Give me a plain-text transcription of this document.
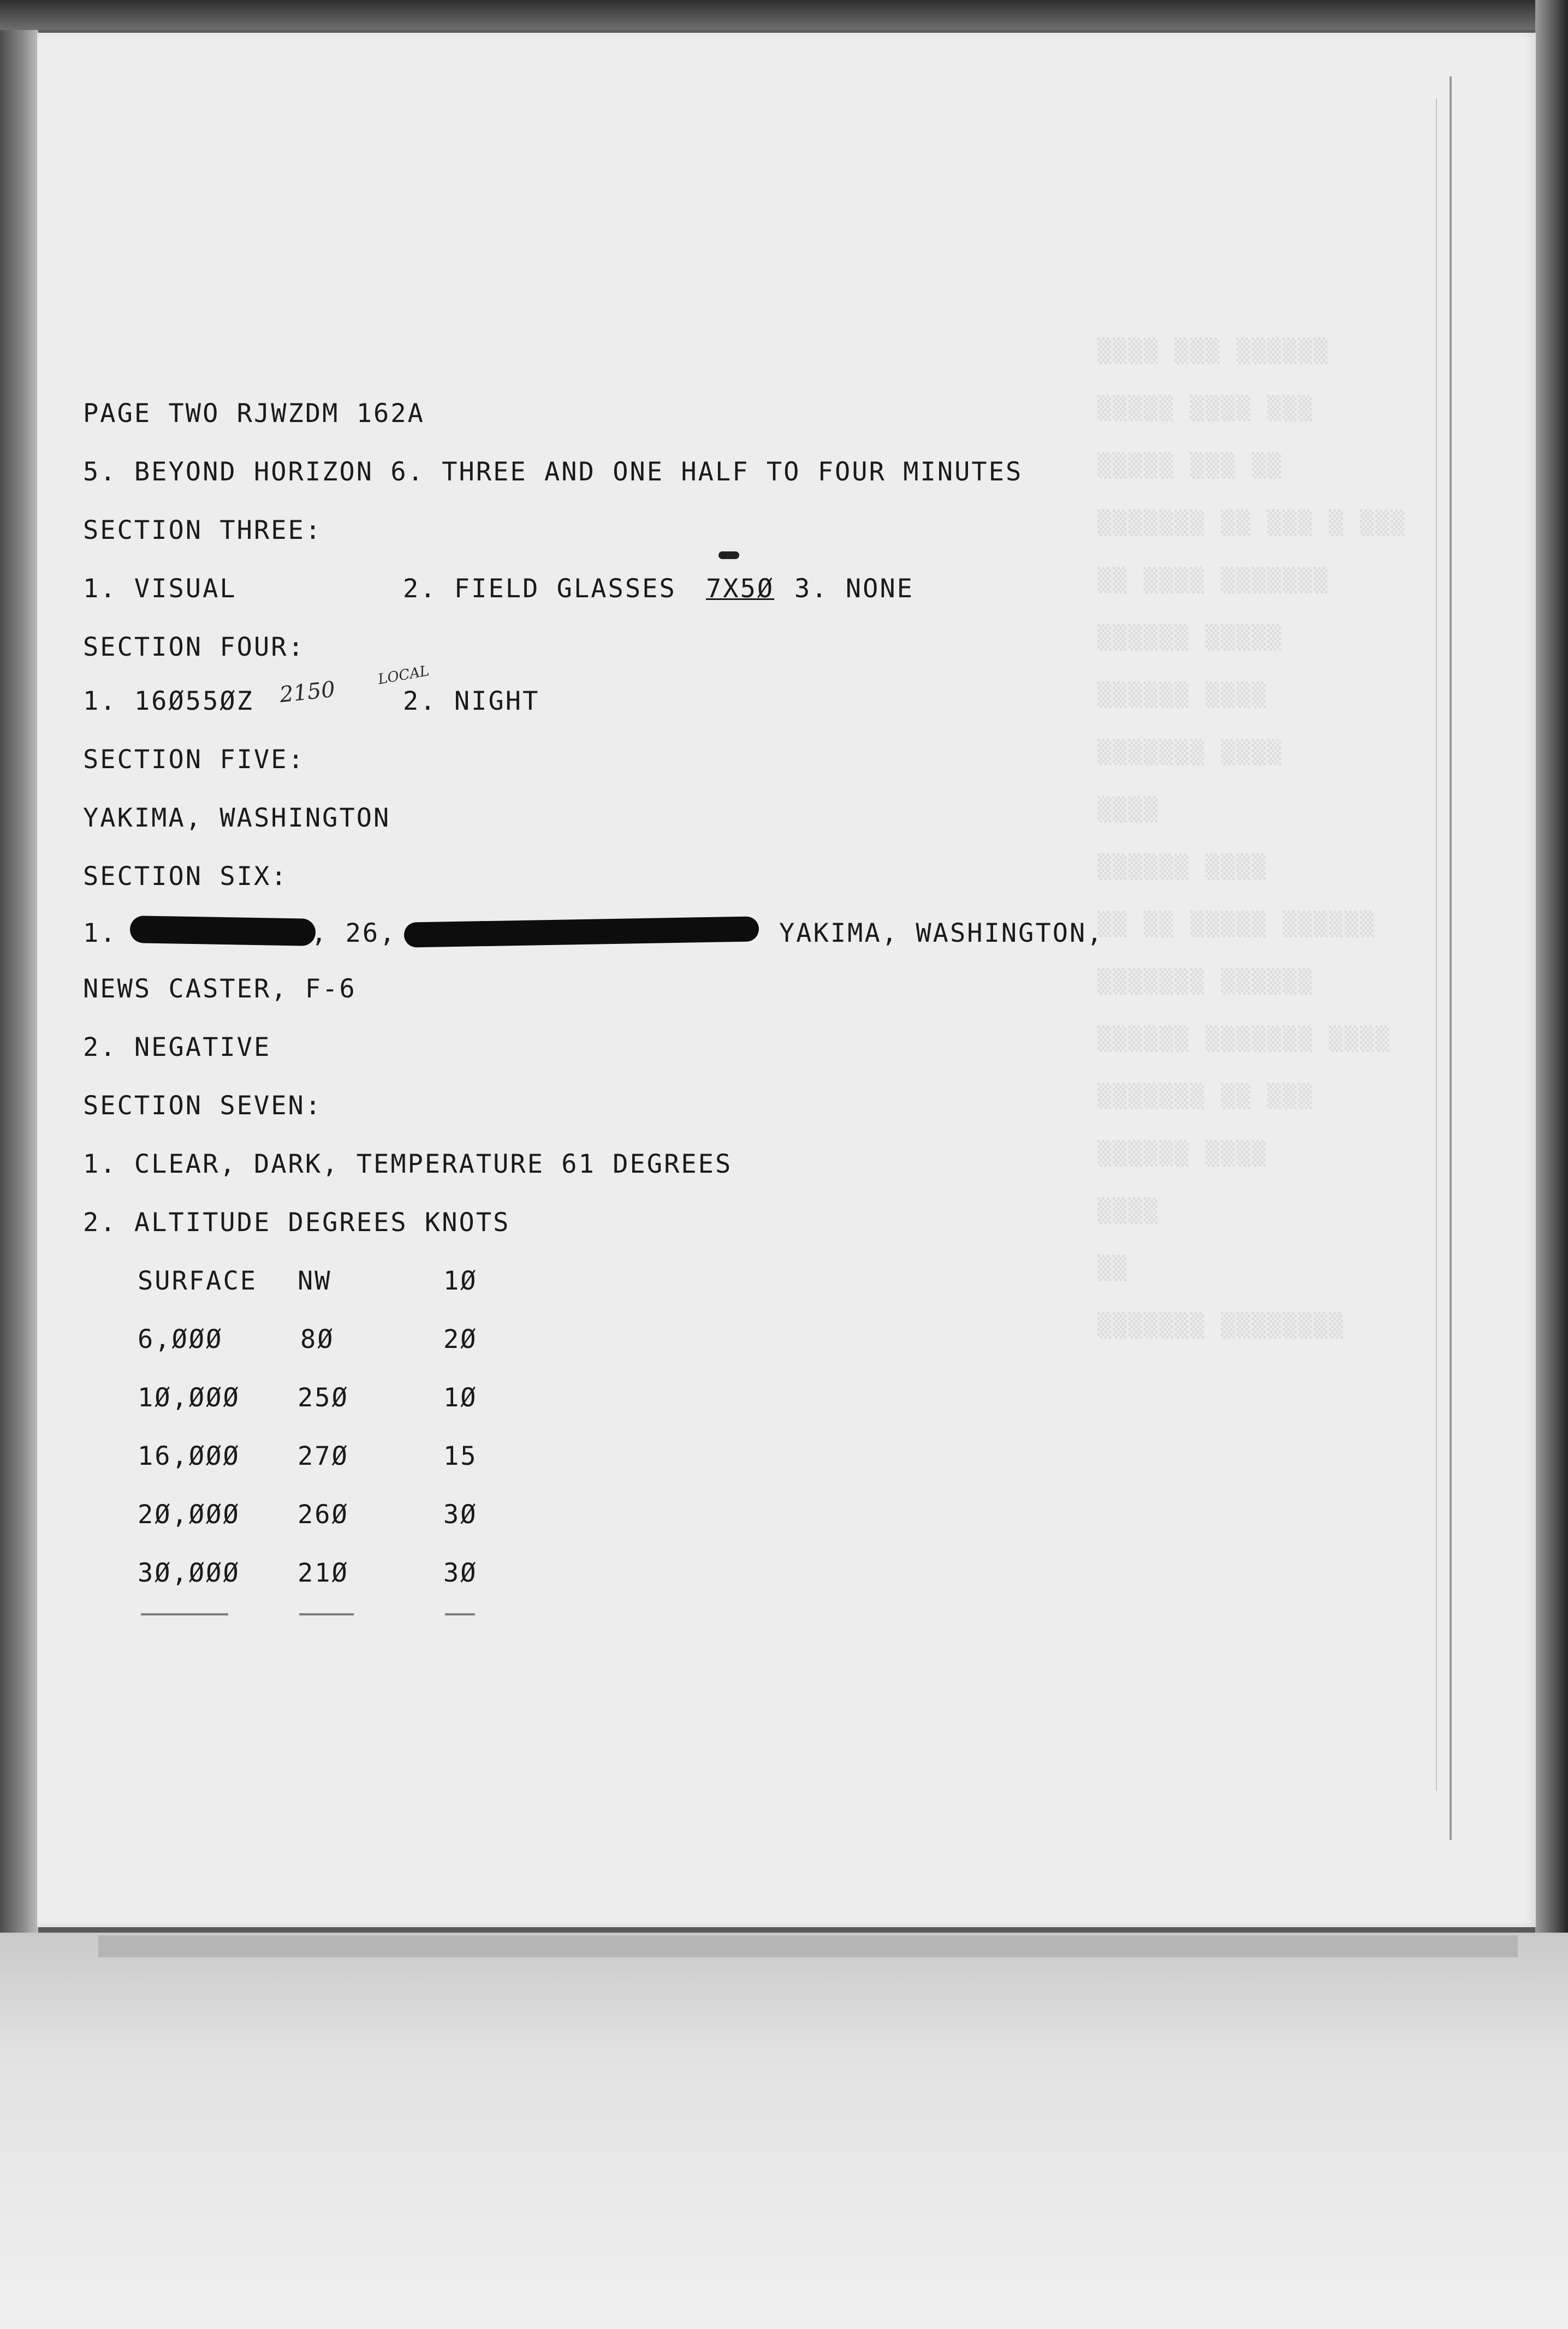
▒▒▒▒ ▒▒▒ ▒▒▒▒▒▒
▒▒▒▒▒ ▒▒▒▒ ▒▒▒
▒▒▒▒▒ ▒▒▒ ▒▒
▒▒▒▒▒▒▒ ▒▒ ▒▒▒ ▒ ▒▒▒
▒▒ ▒▒▒▒ ▒▒▒▒▒▒▒
▒▒▒▒▒▒ ▒▒▒▒▒
▒▒▒▒▒▒ ▒▒▒▒
▒▒▒▒▒▒▒ ▒▒▒▒
▒▒▒▒
▒▒▒▒▒▒ ▒▒▒▒
▒▒ ▒▒ ▒▒▒▒▒ ▒▒▒▒▒▒
▒▒▒▒▒▒▒ ▒▒▒▒▒▒
▒▒▒▒▒▒ ▒▒▒▒▒▒▒ ▒▒▒▒
▒▒▒▒▒▒▒ ▒▒ ▒▒▒
▒▒▒▒▒▒ ▒▒▒▒
▒▒▒▒
▒▒
▒▒▒▒▒▒▒ ▒▒▒▒▒▒▒▒
PAGE TWO RJWZDM 162A
5. BEYOND HORIZON 6. THREE AND ONE HALF TO FOUR MINUTES
SECTION THREE:
1. VISUAL	2. FIELD GLASSES 7X5Ø 3. NONE
SECTION FOUR:
1. 16Ø55ØZ 2150
LOCAL
2. NIGHT
SECTION FIVE:
YAKIMA, WASHINGTON
SECTION SIX:
1.	, 26,	YAKIMA, WASHINGTON,
NEWS CASTER, F-6
2. NEGATIVE
SECTION SEVEN:
1. CLEAR, DARK, TEMPERATURE 61 DEGREES
2. ALTITUDE DEGREES KNOTS
SURFACE NW	1Ø
6,ØØØ	8Ø	2Ø
1Ø,ØØØ 25Ø	1Ø
16,ØØØ 27Ø	15
2Ø,ØØØ 26Ø	3Ø
3Ø,ØØØ 21Ø	3Ø
